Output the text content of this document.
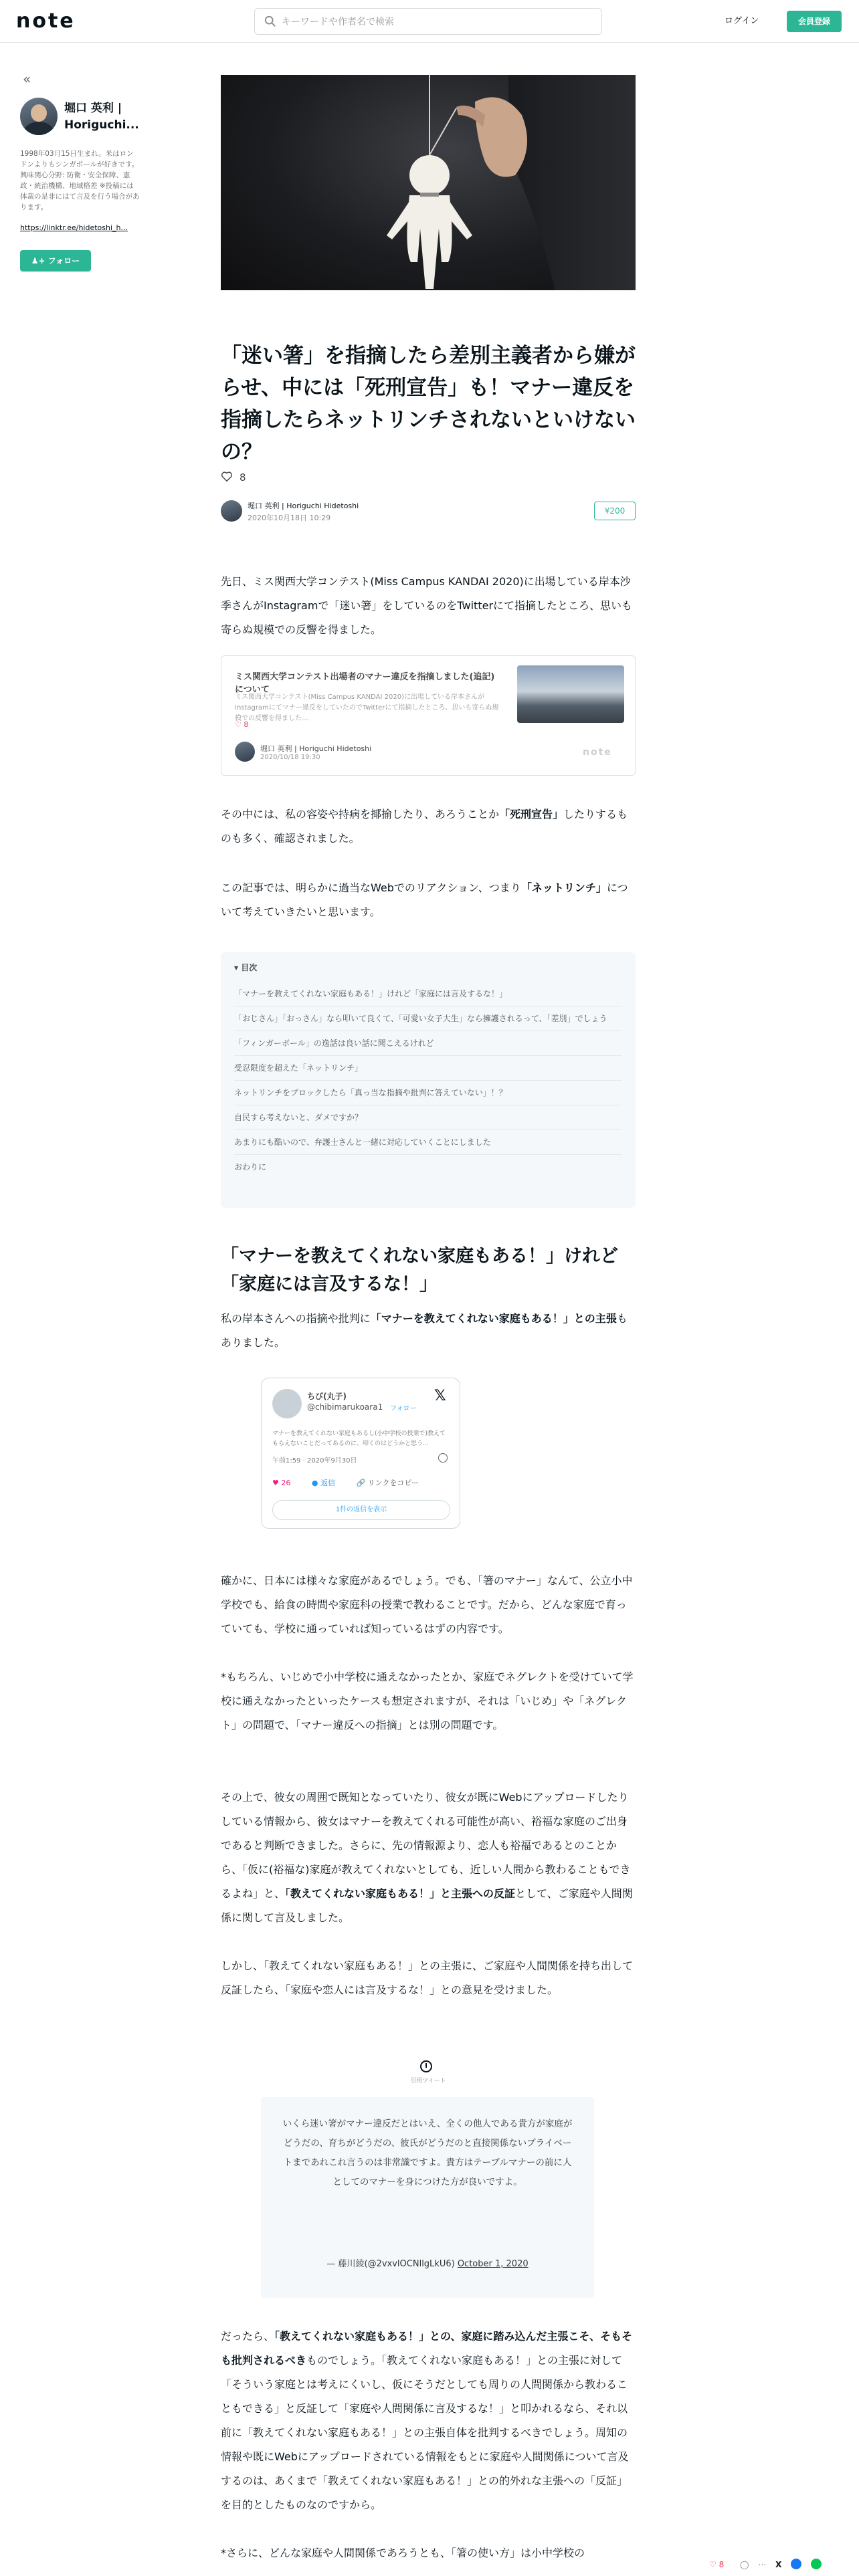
note
キーワードや作者名で検索	ログイン	会員登録
«
堀口 英利 | Horiguchi...
1998年03月15日生まれ。米はロンドンよりもシンガポールが好きです。興味関心分野: 防衛・安全保障、憲政・統治機構、地域格差 ※投稿には体裁の是非にはて言及を行う場合があります。
https://linktr.ee/hidetoshi_h...
♟+ フォロー
「迷い箸」を指摘したら差別主義者から嫌がらせ、中には「死刑宣告」も！マナー違反を指摘したらネットリンチされないといけないの？
8
堀口 英利 | Horiguchi Hidetoshi
2020年10月18日 10:29
¥200

先日、ミス関西大学コンテスト(Miss Campus KANDAI 2020)に出場している岸本沙季さんがInstagramで「迷い箸」をしているのをTwitterにて指摘したところ、思いも寄らぬ規模での反響を得ました。

ミス関西大学コンテスト出場者のマナー違反を指摘しました(追記)について
ミス関西大学コンテスト(Miss Campus KANDAI 2020)に出場している岸本さんがInstagramにてマナー違反をしていたのでTwitterにて指摘したところ、思いも寄らぬ規模での反響を得ました…
♡ 8
堀口 英利 | Horiguchi Hidetoshi
2020/10/18 19:30	note

その中には、私の容姿や持病を揶揄したり、あろうことか「死刑宣告」したりするものも多く、確認されました。

この記事では、明らかに過当なWebでのリアクション、つまり「ネットリンチ」について考えていきたいと思います。

▾ 目次
「マナーを教えてくれない家庭もある！」けれど「家庭には言及するな！」
「おじさん」「おっさん」なら叩いて良くて、「可愛い女子大生」なら擁護されるって、「差別」でしょう
「フィンガーボール」の逸話は良い話に聞こえるけれど
受忍限度を超えた「ネットリンチ」
ネットリンチをブロックしたら「真っ当な指摘や批判に答えていない」！？
自民すら考えないと、ダメですか？
あまりにも酷いので、弁護士さんと一緒に対応していくことにしました
おわりに
「マナーを教えてくれない家庭もある！」けれど「家庭には言及するな！」

私の岸本さんへの指摘や批判に「マナーを教えてくれない家庭もある！」との主張もありました。

ちび(丸子)
@chibimarukoara1 フォロー
𝕏
マナーを教えてくれない家庭もあるし(小中学校の授業で)教えてもらえないことだってあるのに、叩くのはどうかと思う…
午前1:59 · 2020年9月30日
♥ 26	● 返信	🔗 リンクをコピー
1件の返信を表示

確かに、日本には様々な家庭があるでしょう。でも、「箸のマナー」なんて、公立小中学校でも、給食の時間や家庭科の授業で教わることです。だから、どんな家庭で育っていても、学校に通っていれば知っているはずの内容です。

*もちろん、いじめで小中学校に通えなかったとか、家庭でネグレクトを受けていて学校に通えなかったといったケースも想定されますが、それは「いじめ」や「ネグレクト」の問題で、「マナー違反への指摘」とは別の問題です。

その上で、彼女の周囲で既知となっていたり、彼女が既にWebにアップロードしたりしている情報から、彼女はマナーを教えてくれる可能性が高い、裕福な家庭のご出身であると判断できました。さらに、先の情報源より、恋人も裕福であるとのことから、「仮に(裕福な)家庭が教えてくれないとしても、近しい人間から教わることもできるよね」と、「教えてくれない家庭もある！」と主張への反証として、ご家庭や人間関係に関して言及しました。

しかし、「教えてくれない家庭もある！」との主張に、ご家庭や人間関係を持ち出して反証したら、「家庭や恋人には言及するな！」との意見を受けました。

引用ツイート
いくら迷い箸がマナー違反だとはいえ、全くの他人である貴方が家庭がどうだの、育ちがどうだの、彼氏がどうだのと直接関係ないプライベートまであれこれ言うのは非常識ですよ。貴方はテーブルマナーの前に人としてのマナーを身につけた方が良いですよ。
— 藤川綾(@2vxvlOCNllgLkU6) October 1, 2020

だったら、「教えてくれない家庭もある！」との、家庭に踏み込んだ主張こそ、そもそも批判されるべきものでしょう。「教えてくれない家庭もある！」との主張に対して「そういう家庭とは考えにくいし、仮にそうだとしても周りの人間関係から教わることもできる」と反証して「家庭や人間関係に言及するな！」と叩かれるなら、それ以前に「教えてくれない家庭もある！」との主張自体を批判するべきでしょう。周知の情報や既にWebにアップロードされている情報をもとに家庭や人間関係について言及するのは、あくまで「教えてくれない家庭もある！」との的外れな主張への「反証」を目的としたものなのですから。

*さらに、どんな家庭や人間関係であろうとも、「箸の使い方」は小中学校の

♡ 8 ◯ ⋯ X
